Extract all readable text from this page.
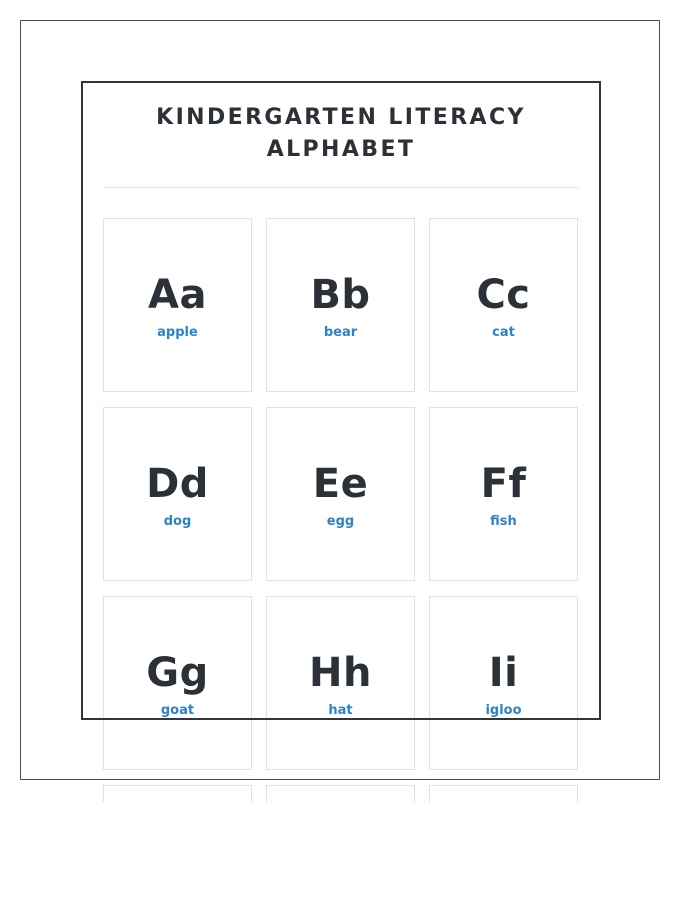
KINDERGARTEN LITERACY
ALPHABET
Aa
apple
Bb
bear
Cc
cat
Dd
dog
Ee
egg
Ff
fish
Gg
goat
Hh
hat
Ii
igloo
